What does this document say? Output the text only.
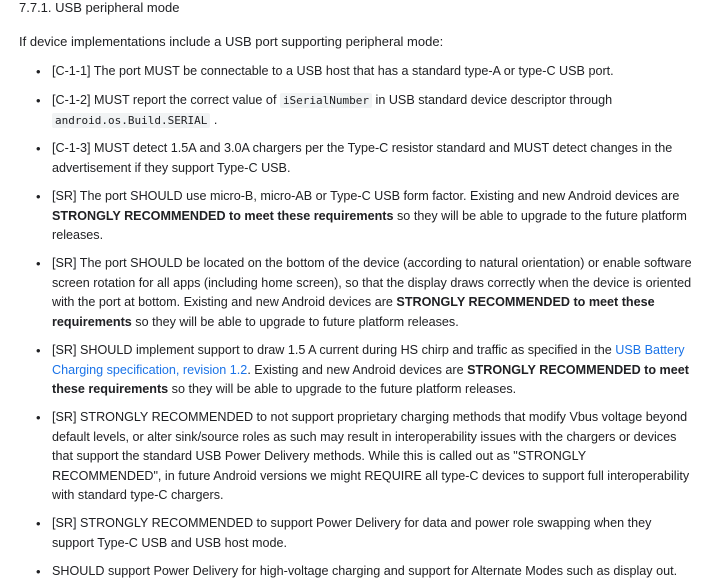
7.7.1. USB peripheral mode

If device implementations include a USB port supporting peripheral mode:

• [C-1-1] The port MUST be connectable to a USB host that has a standard type-A or type-C USB port.
• [C-1-2] MUST report the correct value of iSerialNumber in USB standard device descriptor through android.os.Build.SERIAL .
• [C-1-3] MUST detect 1.5A and 3.0A chargers per the Type-C resistor standard and MUST detect changes in the advertisement if they support Type-C USB.
• [SR] The port SHOULD use micro-B, micro-AB or Type-C USB form factor. Existing and new Android devices are STRONGLY RECOMMENDED to meet these requirements so they will be able to upgrade to the future platform releases.
• [SR] The port SHOULD be located on the bottom of the device (according to natural orientation) or enable software screen rotation for all apps (including home screen), so that the display draws correctly when the device is oriented with the port at bottom. Existing and new Android devices are STRONGLY RECOMMENDED to meet these requirements so they will be able to upgrade to future platform releases.
• [SR] SHOULD implement support to draw 1.5 A current during HS chirp and traffic as specified in the USB Battery Charging specification, revision 1.2. Existing and new Android devices are STRONGLY RECOMMENDED to meet these requirements so they will be able to upgrade to the future platform releases.
• [SR] STRONGLY RECOMMENDED to not support proprietary charging methods that modify Vbus voltage beyond default levels, or alter sink/source roles as such may result in interoperability issues with the chargers or devices that support the standard USB Power Delivery methods. While this is called out as "STRONGLY RECOMMENDED", in future Android versions we might REQUIRE all type-C devices to support full interoperability with standard type-C chargers.
• [SR] STRONGLY RECOMMENDED to support Power Delivery for data and power role swapping when they support Type-C USB and USB host mode.
• SHOULD support Power Delivery for high-voltage charging and support for Alternate Modes such as display out.
